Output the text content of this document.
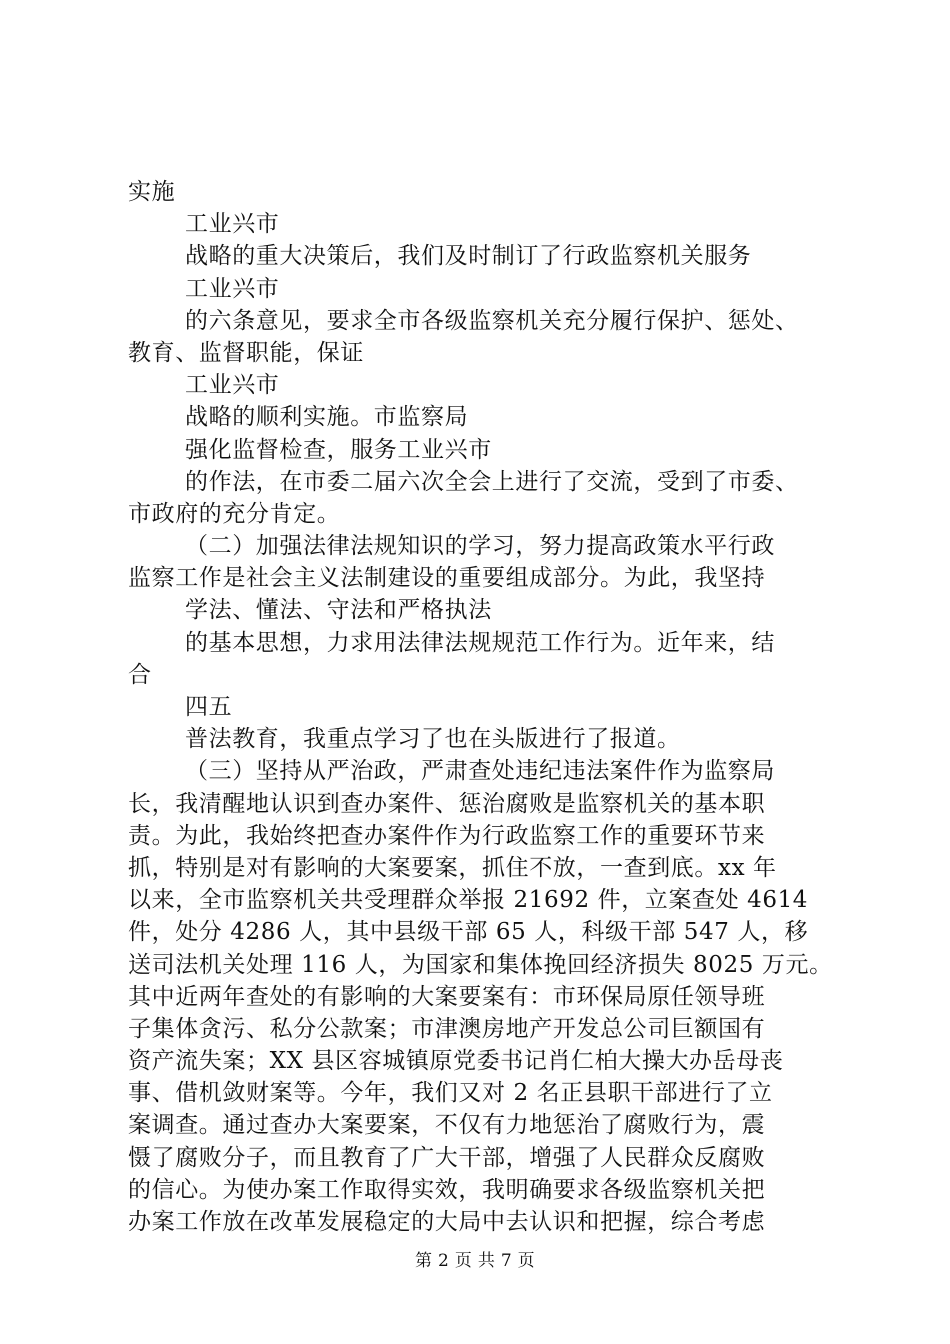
实施
工业兴市
战略的重大决策后，我们及时制订了行政监察机关服务
工业兴市
的六条意见，要求全市各级监察机关充分履行保护、惩处、
教育、监督职能，保证
工业兴市
战略的顺利实施。市监察局
强化监督检查，服务工业兴市
的作法，在市委二届六次全会上进行了交流，受到了市委、
市政府的充分肯定。
（二）加强法律法规知识的学习，努力提高政策水平行政
监察工作是社会主义法制建设的重要组成部分。为此，我坚持
学法、懂法、守法和严格执法
的基本思想，力求用法律法规规范工作行为。近年来，结
合
四五
普法教育，我重点学习了也在头版进行了报道。
（三）坚持从严治政，严肃查处违纪违法案件作为监察局
长，我清醒地认识到查办案件、惩治腐败是监察机关的基本职
责。为此，我始终把查办案件作为行政监察工作的重要环节来
抓，特别是对有影响的大案要案，抓住不放，一查到底。xx 年
以来，全市监察机关共受理群众举报 21692 件，立案查处 4614
件，处分 4286 人，其中县级干部 65 人，科级干部 547 人，移
送司法机关处理 116 人，为国家和集体挽回经济损失 8025 万元。
其中近两年查处的有影响的大案要案有：市环保局原任领导班
子集体贪污、私分公款案；市津澳房地产开发总公司巨额国有
资产流失案；XX 县区容城镇原党委书记肖仁柏大操大办岳母丧
事、借机敛财案等。今年，我们又对 2 名正县职干部进行了立
案调查。通过查办大案要案，不仅有力地惩治了腐败行为，震
慑了腐败分子，而且教育了广大干部，增强了人民群众反腐败
的信心。为使办案工作取得实效，我明确要求各级监察机关把
办案工作放在改革发展稳定的大局中去认识和把握，综合考虑
第 2 页 共 7 页
